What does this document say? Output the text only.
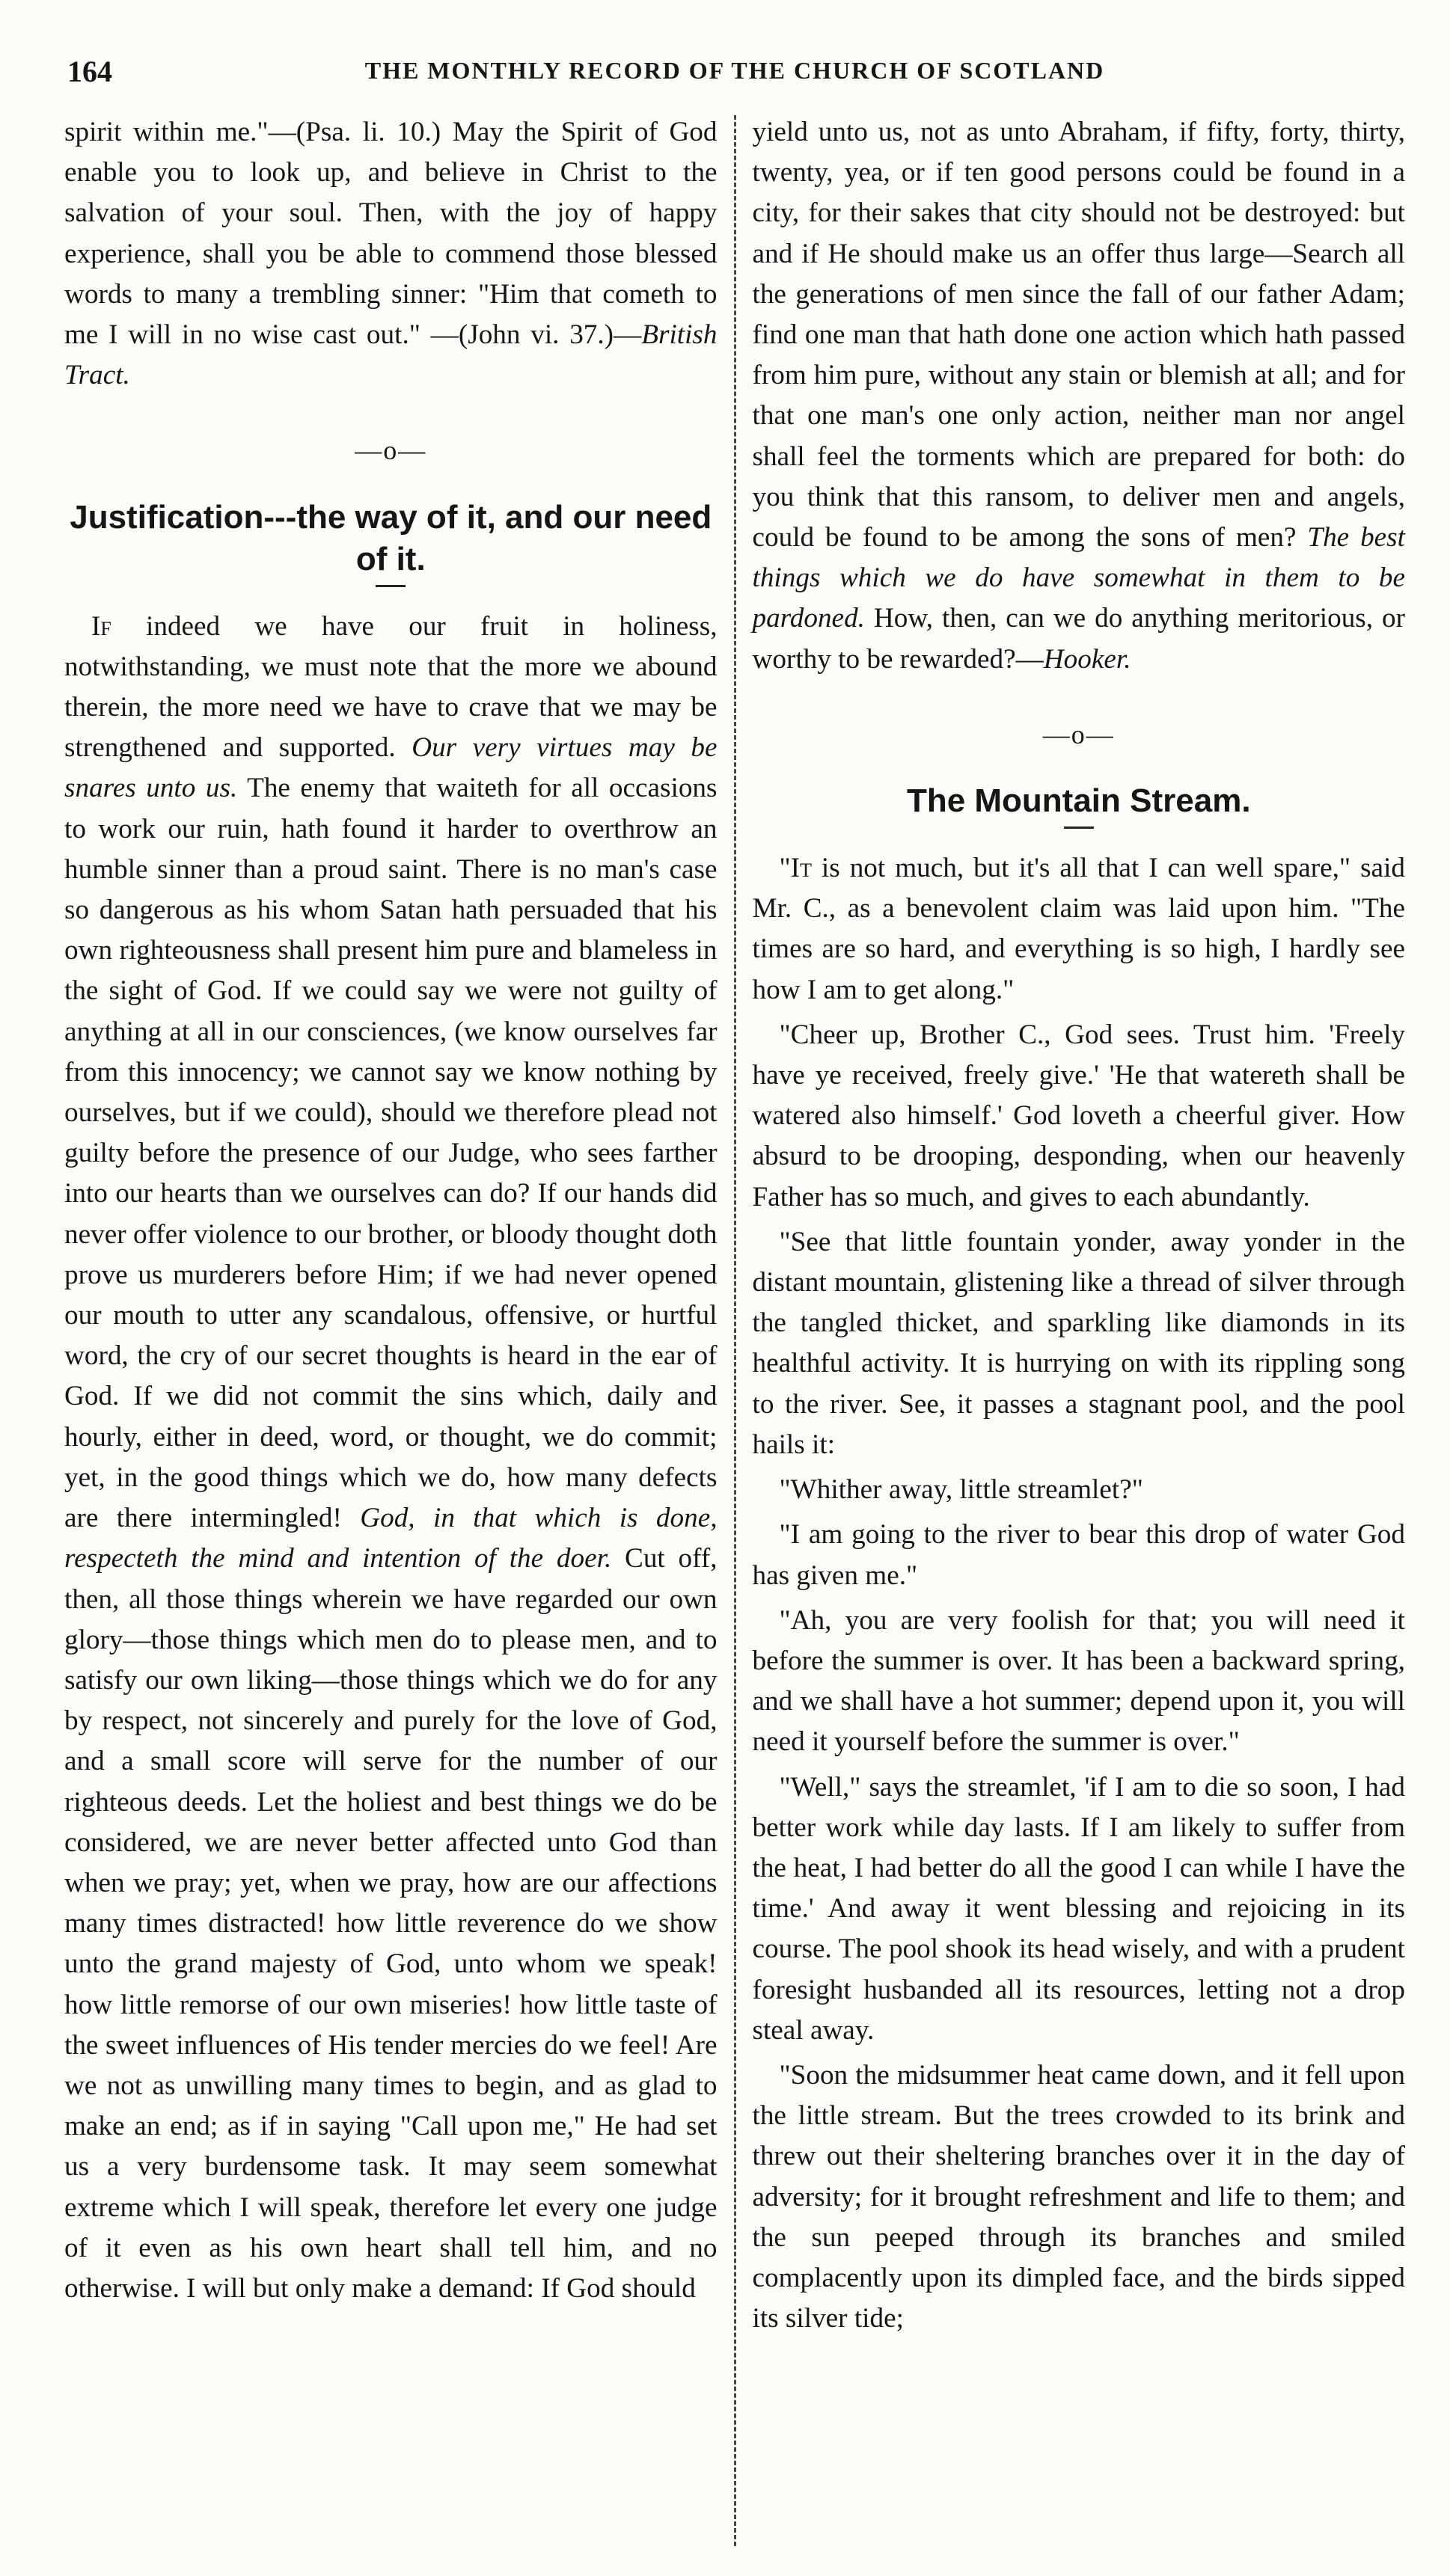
164	THE MONTHLY RECORD OF THE CHURCH OF SCOTLAND

spirit within me."—(Psa. li. 10.) May the Spirit of God enable you to look up, and believe in Christ to the salvation of your soul. Then, with the joy of happy experience, shall you be able to commend those blessed words to many a trembling sinner: "Him that cometh to me I will in no wise cast out." —(John vi. 37.)—British Tract.

—o—
Justification---the way of it, and our need of it.

If indeed we have our fruit in holiness, notwithstanding, we must note that the more we abound therein, the more need we have to crave that we may be strengthened and supported. Our very virtues may be snares unto us. The enemy that waiteth for all occasions to work our ruin, hath found it harder to overthrow an humble sinner than a proud saint. There is no man's case so dangerous as his whom Satan hath persuaded that his own righteousness shall present him pure and blameless in the sight of God. If we could say we were not guilty of anything at all in our consciences, (we know ourselves far from this innocency; we cannot say we know nothing by ourselves, but if we could), should we therefore plead not guilty before the presence of our Judge, who sees farther into our hearts than we ourselves can do? If our hands did never offer violence to our brother, or bloody thought doth prove us murderers before Him; if we had never opened our mouth to utter any scandalous, offensive, or hurtful word, the cry of our secret thoughts is heard in the ear of God. If we did not commit the sins which, daily and hourly, either in deed, word, or thought, we do commit; yet, in the good things which we do, how many defects are there intermingled! God, in that which is done, respecteth the mind and intention of the doer. Cut off, then, all those things wherein we have regarded our own glory—those things which men do to please men, and to satisfy our own liking—those things which we do for any by respect, not sincerely and purely for the love of God, and a small score will serve for the number of our righteous deeds. Let the holiest and best things we do be considered, we are never better affected unto God than when we pray; yet, when we pray, how are our affections many times distracted! how little reverence do we show unto the grand majesty of God, unto whom we speak! how little remorse of our own miseries! how little taste of the sweet influences of His tender mercies do we feel! Are we not as unwilling many times to begin, and as glad to make an end; as if in saying "Call upon me," He had set us a very burdensome task. It may seem somewhat extreme which I will speak, therefore let every one judge of it even as his own heart shall tell him, and no otherwise. I will but only make a demand: If God should

yield unto us, not as unto Abraham, if fifty, forty, thirty, twenty, yea, or if ten good persons could be found in a city, for their sakes that city should not be destroyed: but and if He should make us an offer thus large—Search all the generations of men since the fall of our father Adam; find one man that hath done one action which hath passed from him pure, without any stain or blemish at all; and for that one man's one only action, neither man nor angel shall feel the torments which are prepared for both: do you think that this ransom, to deliver men and angels, could be found to be among the sons of men? The best things which we do have somewhat in them to be pardoned. How, then, can we do anything meritorious, or worthy to be rewarded?—Hooker.

—o—
The Mountain Stream.

"It is not much, but it's all that I can well spare," said Mr. C., as a benevolent claim was laid upon him. "The times are so hard, and everything is so high, I hardly see how I am to get along."

"Cheer up, Brother C., God sees. Trust him. 'Freely have ye received, freely give.' 'He that watereth shall be watered also himself.' God loveth a cheerful giver. How absurd to be drooping, desponding, when our heavenly Father has so much, and gives to each abundantly.

"See that little fountain yonder, away yonder in the distant mountain, glistening like a thread of silver through the tangled thicket, and sparkling like diamonds in its healthful activity. It is hurrying on with its rippling song to the river. See, it passes a stagnant pool, and the pool hails it:

"Whither away, little streamlet?"

"I am going to the river to bear this drop of water God has given me."

"Ah, you are very foolish for that; you will need it before the summer is over. It has been a backward spring, and we shall have a hot summer; depend upon it, you will need it yourself before the summer is over."

"Well," says the streamlet, 'if I am to die so soon, I had better work while day lasts. If I am likely to suffer from the heat, I had better do all the good I can while I have the time.' And away it went blessing and rejoicing in its course. The pool shook its head wisely, and with a prudent foresight husbanded all its resources, letting not a drop steal away.

"Soon the midsummer heat came down, and it fell upon the little stream. But the trees crowded to its brink and threw out their sheltering branches over it in the day of adversity; for it brought refreshment and life to them; and the sun peeped through its branches and smiled complacently upon its dimpled face, and the birds sipped its silver tide;
